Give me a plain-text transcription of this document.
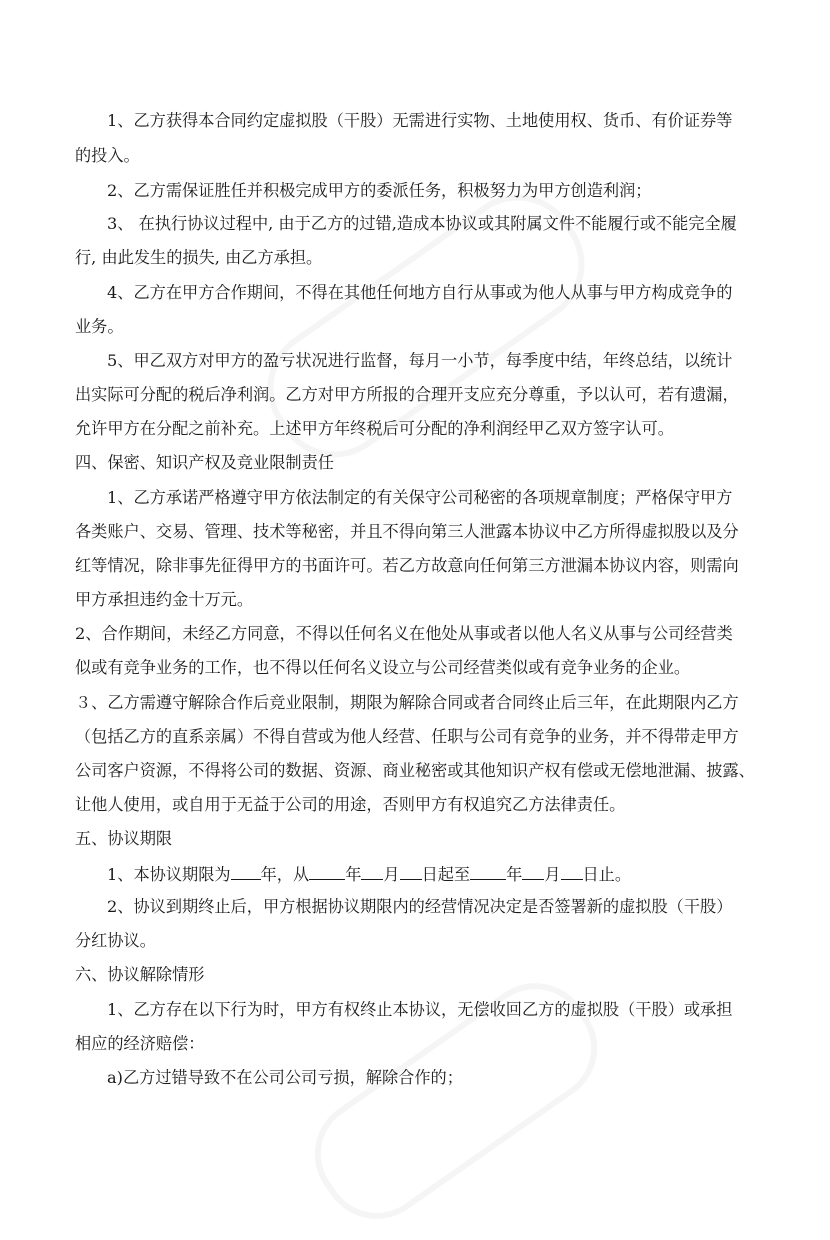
1、乙方获得本合同约定虚拟股（干股）无需进行实物、土地使用权、货币、有价证券等
的投入。
2、乙方需保证胜任并积极完成甲方的委派任务，积极努力为甲方创造利润；
3、 在执行协议过程中, 由于乙方的过错,造成本协议或其附属文件不能履行或不能完全履
行, 由此发生的损失, 由乙方承担。
4、乙方在甲方合作期间，不得在其他任何地方自行从事或为他人从事与甲方构成竞争的
业务。
5、甲乙双方对甲方的盈亏状况进行监督，每月一小节，每季度中结，年终总结，以统计
出实际可分配的税后净利润。乙方对甲方所报的合理开支应充分尊重，予以认可，若有遗漏，
允许甲方在分配之前补充。上述甲方年终税后可分配的净利润经甲乙双方签字认可。
四、保密、知识产权及竞业限制责任
1、乙方承诺严格遵守甲方依法制定的有关保守公司秘密的各项规章制度；严格保守甲方
各类账户、交易、管理、技术等秘密，并且不得向第三人泄露本协议中乙方所得虚拟股以及分
红等情况，除非事先征得甲方的书面许可。若乙方故意向任何第三方泄漏本协议内容，则需向
甲方承担违约金十万元。
2、合作期间，未经乙方同意，不得以任何名义在他处从事或者以他人名义从事与公司经营类
似或有竞争业务的工作，也不得以任何名义设立与公司经营类似或有竞争业务的企业。
３、乙方需遵守解除合作后竞业限制，期限为解除合同或者合同终止后三年，在此期限内乙方
（包括乙方的直系亲属）不得自营或为他人经营、任职与公司有竞争的业务，并不得带走甲方
公司客户资源，不得将公司的数据、资源、商业秘密或其他知识产权有偿或无偿地泄漏、披露、
让他人使用，或自用于无益于公司的用途，否则甲方有权追究乙方法律责任。
五、协议期限
1、本协议期限为 年，从 年 月 日起至 年 月 日止。
2、协议到期终止后，甲方根据协议期限内的经营情况决定是否签署新的虚拟股（干股）
分红协议。
六、协议解除情形
1、乙方存在以下行为时，甲方有权终止本协议，无偿收回乙方的虚拟股（干股）或承担
相应的经济赔偿：
a)乙方过错导致不在公司公司亏损，解除合作的；
